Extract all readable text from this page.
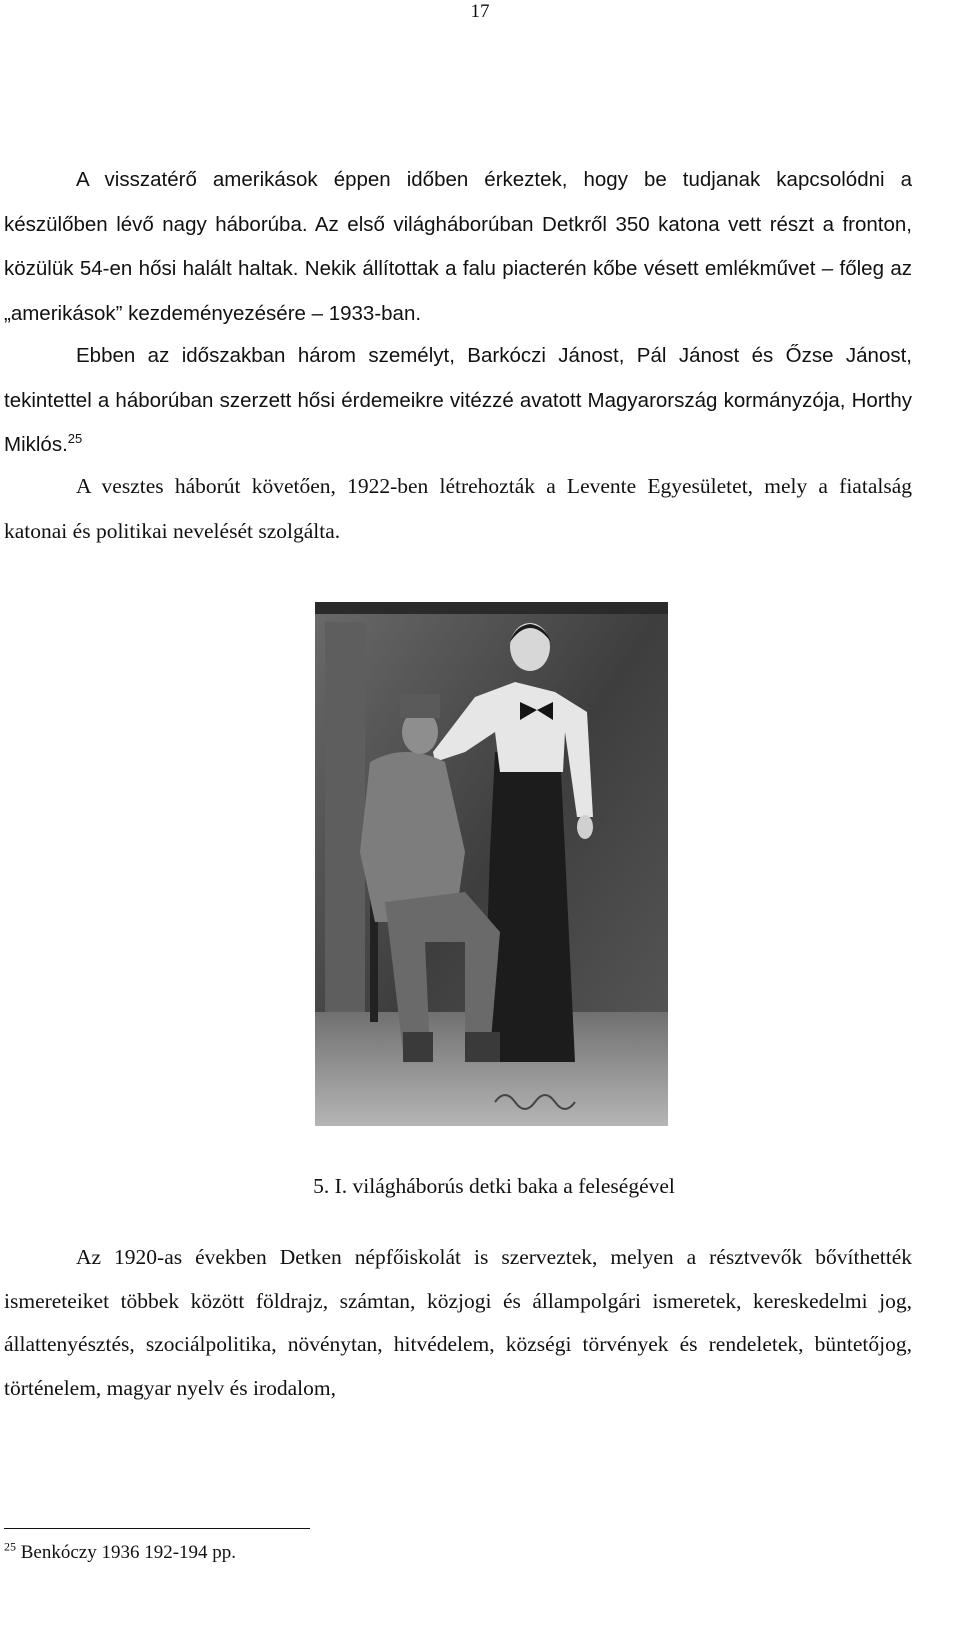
17

A visszatérő amerikások éppen időben érkeztek, hogy be tudjanak kapcsolódni a készülőben lévő nagy háborúba. Az első világháborúban Detkről 350 katona vett részt a fronton, közülük 54-en hősi halált haltak. Nekik állítottak a falu piacterén kőbe vésett emlékművet – főleg az „amerikások” kezdeményezésére – 1933-ban.

Ebben az időszakban három személyt, Barkóczi Jánost, Pál Jánost és Őzse Jánost, tekintettel a háborúban szerzett hősi érdemeikre vitézzé avatott Magyarország kormányzója, Horthy Miklós.$^{25}$

A vesztes háborút követően, 1922-ben létrehozták a Levente Egyesületet, mely a fiatalság katonai és politikai nevelését szolgálta.

5. I. világháborús detki baka a feleségével

Az 1920-as években Detken népfőiskolát is szerveztek, melyen a résztvevők bővíthették ismereteiket többek között földrajz, számtan, közjogi és állampolgári ismeretek, kereskedelmi jog, állattenyésztés, szociálpolitika, növénytan, hitvédelem, községi törvények és rendeletek, büntetőjog, történelem, magyar nyelv és irodalom,

$^{25}$ Benkóczy 1936 192-194 pp.
